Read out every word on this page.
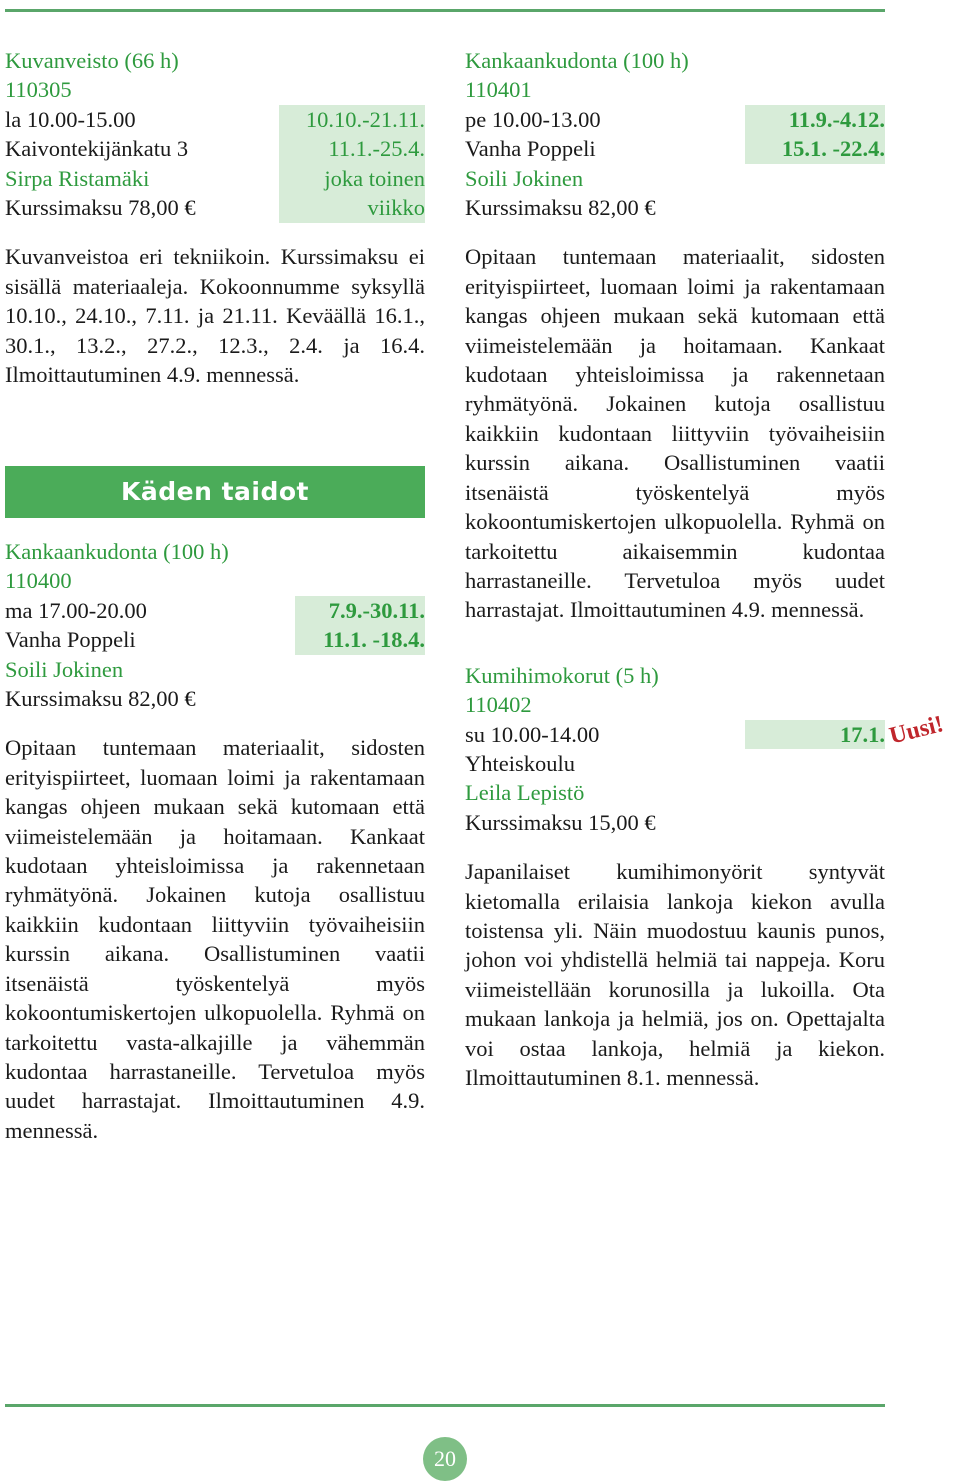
Kuvanveisto (66 h)
110305
la 10.00-15.00	10.10.-21.11.
Kaivontekijänkatu 3	11.1.-25.4.
Sirpa Ristamäki	joka toinen
Kurssimaksu 78,00 €	viikko

Kuvanveistoa eri tekniikoin. Kurssimaksu ei sisällä materiaaleja. Kokoonnumme syksyllä 10.10., 24.10., 7.11. ja 21.11. Keväällä 16.1., 30.1., 13.2., 27.2., 12.3., 2.4. ja 16.4. Ilmoittautuminen 4.9. mennessä.

Käden taidot
Kankaankudonta (100 h)
110400
ma 17.00-20.00	7.9.-30.11.
Vanha Poppeli	11.1. -18.4.
Soili Jokinen
Kurssimaksu 82,00 €

Opitaan tuntemaan materiaalit, sidosten erityispiirteet, luomaan loimi ja rakentamaan kangas ohjeen mukaan sekä kutomaan että viimeistelemään ja hoitamaan. Kankaat kudotaan yhteisloimissa ja rakennetaan ryhmätyönä. Jokainen kutoja osallistuu kaikkiin kudontaan liittyviin työvaiheisiin kurssin aikana. Osallistuminen vaatii itsenäistä työskentelyä myös kokoontumiskertojen ulkopuolella. Ryhmä on tarkoitettu vasta-alkajille ja vähemmän kudontaa harrastaneille. Tervetuloa myös uudet harrastajat. Ilmoittautuminen 4.9. mennessä.

Kankaankudonta (100 h)
110401
pe 10.00-13.00	11.9.-4.12.
Vanha Poppeli	15.1. -22.4.
Soili Jokinen
Kurssimaksu 82,00 €

Opitaan tuntemaan materiaalit, sidosten erityispiirteet, luomaan loimi ja rakentamaan kangas ohjeen mukaan sekä kutomaan että viimeistelemään ja hoitamaan. Kankaat kudotaan yhteisloimissa ja rakennetaan ryhmätyönä. Jokainen kutoja osallistuu kaikkiin kudontaan liittyviin työvaiheisiin kurssin aikana. Osallistuminen vaatii itsenäistä työskentelyä myös kokoontumiskertojen ulkopuolella. Ryhmä on tarkoitettu aikaisemmin kudontaa harrastaneille. Tervetuloa myös uudet harrastajat. Ilmoittautuminen 4.9. mennessä.

Kumihimokorut (5 h)
110402
su 10.00-14.00	17.1.
Yhteiskoulu
Leila Lepistö
Kurssimaksu 15,00 €

Japanilaiset kumihimonyörit syntyvät kietomalla erilaisia lankoja kiekon avulla toistensa yli. Näin muodostuu kaunis punos, johon voi yhdistellä helmiä tai nappeja. Koru viimeistellään korunosilla ja lukoilla. Ota mukaan lankoja ja helmiä, jos on. Opettajalta voi ostaa lankoja, helmiä ja kiekon. Ilmoittautuminen 8.1. mennessä.

Uusi!
20
